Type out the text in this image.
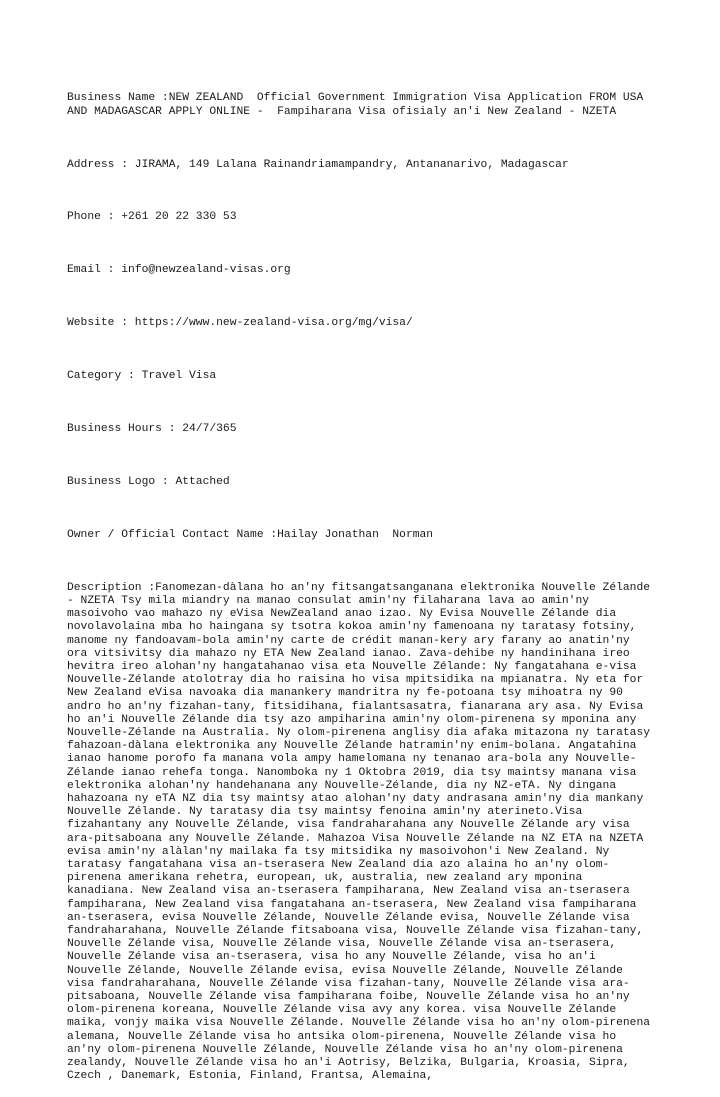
Business Name :NEW ZEALAND  Official Government Immigration Visa Application FROM USA AND MADAGASCAR APPLY ONLINE -  Fampiharana Visa ofisialy an'i New Zealand - NZETA

Address : JIRAMA, 149 Lalana Rainandriamampandry, Antananarivo, Madagascar

Phone : +261 20 22 330 53

Email : info@newzealand-visas.org

Website : https://www.new-zealand-visa.org/mg/visa/

Category : Travel Visa

Business Hours : 24/7/365

Business Logo : Attached

Owner / Official Contact Name :Hailay Jonathan  Norman

Description :Fanomezan-dàlana ho an'ny fitsangatsanganana elektronika Nouvelle Zélande - NZETA Tsy mila miandry na manao consulat amin'ny filaharana lava ao amin'ny masoivoho vao mahazo ny eVisa NewZealand anao izao. Ny Evisa Nouvelle Zélande dia novolavolaina mba ho haingana sy tsotra kokoa amin'ny famenoana ny taratasy fotsiny, manome ny fandoavam-bola amin'ny carte de crédit manan-kery ary farany ao anatin'ny ora vitsivitsy dia mahazo ny ETA New Zealand ianao. Zava-dehibe ny handinihana ireo hevitra ireo alohan'ny hangatahanao visa eta Nouvelle Zélande: Ny fangatahana e-visa Nouvelle-Zélande atolotray dia ho raisina ho visa mpitsidika na mpianatra. Ny eta for New Zealand eVisa navoaka dia manankery mandritra ny fe-potoana tsy mihoatra ny 90 andro ho an'ny fizahan-tany, fitsidihana, fialantsasatra, fianarana ary asa. Ny Evisa ho an'i Nouvelle Zélande dia tsy azo ampiharina amin'ny olom-pirenena sy mponina any Nouvelle-Zélande na Australia. Ny olom-pirenena anglisy dia afaka mitazona ny taratasy fahazoan-dàlana elektronika any Nouvelle Zélande hatramin'ny enim-bolana. Angatahina ianao hanome porofo fa manana vola ampy hamelomana ny tenanao ara-bola any Nouvelle-Zélande ianao rehefa tonga. Nanomboka ny 1 Oktobra 2019, dia tsy maintsy manana visa elektronika alohan'ny handehanana any Nouvelle-Zélande, dia ny NZ-eTA. Ny dingana hahazoana ny eTA NZ dia tsy maintsy atao alohan'ny daty andrasana amin'ny dia mankany Nouvelle Zélande. Ny taratasy dia tsy maintsy fenoina amin'ny aterineto.Visa fizahantany any Nouvelle Zélande, visa fandraharahana any Nouvelle Zélande ary visa ara-pitsaboana any Nouvelle Zélande. Mahazoa Visa Nouvelle Zélande na NZ ETA na NZETA evisa amin'ny alàlan'ny mailaka fa tsy mitsidika ny masoivohon'i New Zealand. Ny taratasy fangatahana visa an-tserasera New Zealand dia azo alaina ho an'ny olom-pirenena amerikana rehetra, european, uk, australia, new zealand ary mponina kanadiana. New Zealand visa an-tserasera fampiharana, New Zealand visa an-tserasera fampiharana, New Zealand visa fangatahana an-tserasera, New Zealand visa fampiharana an-tserasera, evisa Nouvelle Zélande, Nouvelle Zélande evisa, Nouvelle Zélande visa fandraharahana, Nouvelle Zélande fitsaboana visa, Nouvelle Zélande visa fizahan-tany, Nouvelle Zélande visa, Nouvelle Zélande visa, Nouvelle Zélande visa an-tserasera, Nouvelle Zélande visa an-tserasera, visa ho any Nouvelle Zélande, visa ho an'i Nouvelle Zélande, Nouvelle Zélande evisa, evisa Nouvelle Zélande, Nouvelle Zélande visa fandraharahana, Nouvelle Zélande visa fizahan-tany, Nouvelle Zélande visa ara-pitsaboana, Nouvelle Zélande visa fampiharana foibe, Nouvelle Zélande visa ho an'ny olom-pirenena koreana, Nouvelle Zélande visa avy any korea. visa Nouvelle Zélande maika, vonjy maika visa Nouvelle Zélande. Nouvelle Zélande visa ho an'ny olom-pirenena alemana, Nouvelle Zélande visa ho antsika olom-pirenena, Nouvelle Zélande visa ho an'ny olom-pirenena Nouvelle Zélande, Nouvelle Zélande visa ho an'ny olom-pirenena zealandy, Nouvelle Zélande visa ho an'i Aotrisy, Belzika, Bulgaria, Kroasia, Sipra, Czech , Danemark, Estonia, Finland, Frantsa, Alemaina,
